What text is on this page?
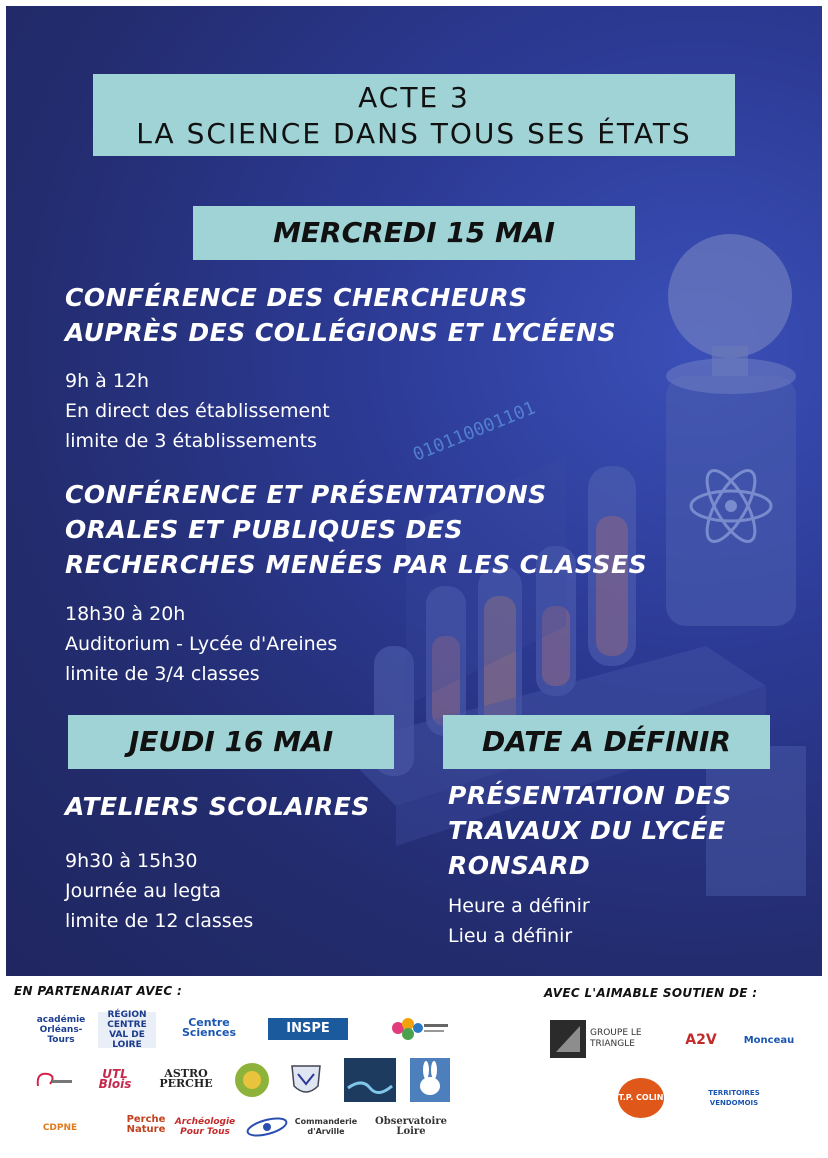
010110001101
ACTE 3
LA SCIENCE DANS TOUS SES ÉTATS
MERCREDI 15 MAI
CONFÉRENCE DES CHERCHEURS
AUPRÈS DES COLLÉGIONS ET LYCÉENS
9h à 12h
En direct des établissement
limite de 3 établissements
CONFÉRENCE ET PRÉSENTATIONS
ORALES ET PUBLIQUES DES
RECHERCHES MENÉES PAR LES CLASSES
18h30 à 20h
Auditorium - Lycée d'Areines
limite de 3/4 classes
JEUDI 16 MAI
ATELIERS SCOLAIRES
9h30 à 15h30
Journée au legta
limite de 12 classes
DATE A DÉFINIR
PRÉSENTATION DES
TRAVAUX DU LYCÉE
RONSARD
Heure a définir
Lieu a définir
EN PARTENARIAT AVEC :	AVEC L'AIMABLE SOUTIEN DE :
académie Orléans-Tours
RÉGION CENTRE VAL DE LOIRE
Centre Sciences	INSPE
UTL Blois
ASTRO PERCHE
CDPNE
Perche Nature
Archéologie Pour Tous
Commanderie d'Arville
Observatoire Loire
GROUPE LE TRIANGLE	A2V	Monceau
T.P. COLIN	TERRITOIRES VENDOMOIS
